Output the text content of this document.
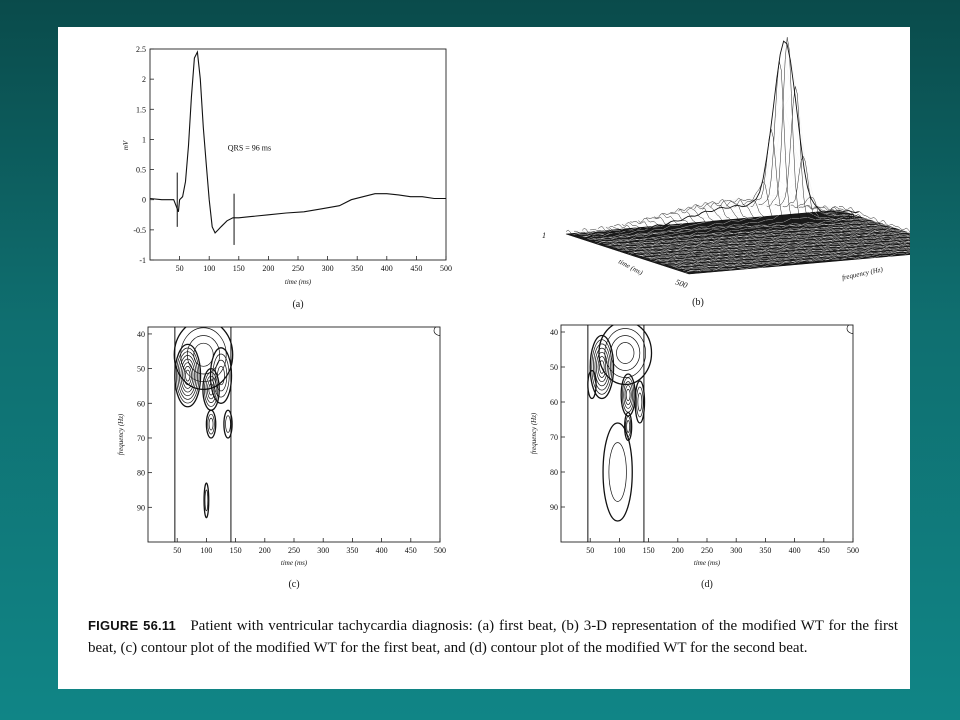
-1
-0.5
0
0.5
1
1.5
2
2.5
50 100 150 200 250 300 350 400 450 500
QRS = 96 ms
mV
time (ms)
(a)
1
500
40
time (ms)	frequency (Hz)
(b)
40
50
60
70
80
90
50 100 150 200 250 300 350 400 450 500
frequency (Hz)
time (ms)
(c)
40
50
60
70
80
90
50 100 150 200 250 300 350 400 450 500
frequency (Hz)
time (ms)
(d)
FIGURE 56.11 Patient with ventricular tachycardia diagnosis: (a) first beat, (b) 3-D representation of the modified WT for the first beat, (c) contour plot of the modified WT for the first beat, and (d) contour plot of the modified WT for the second beat.
